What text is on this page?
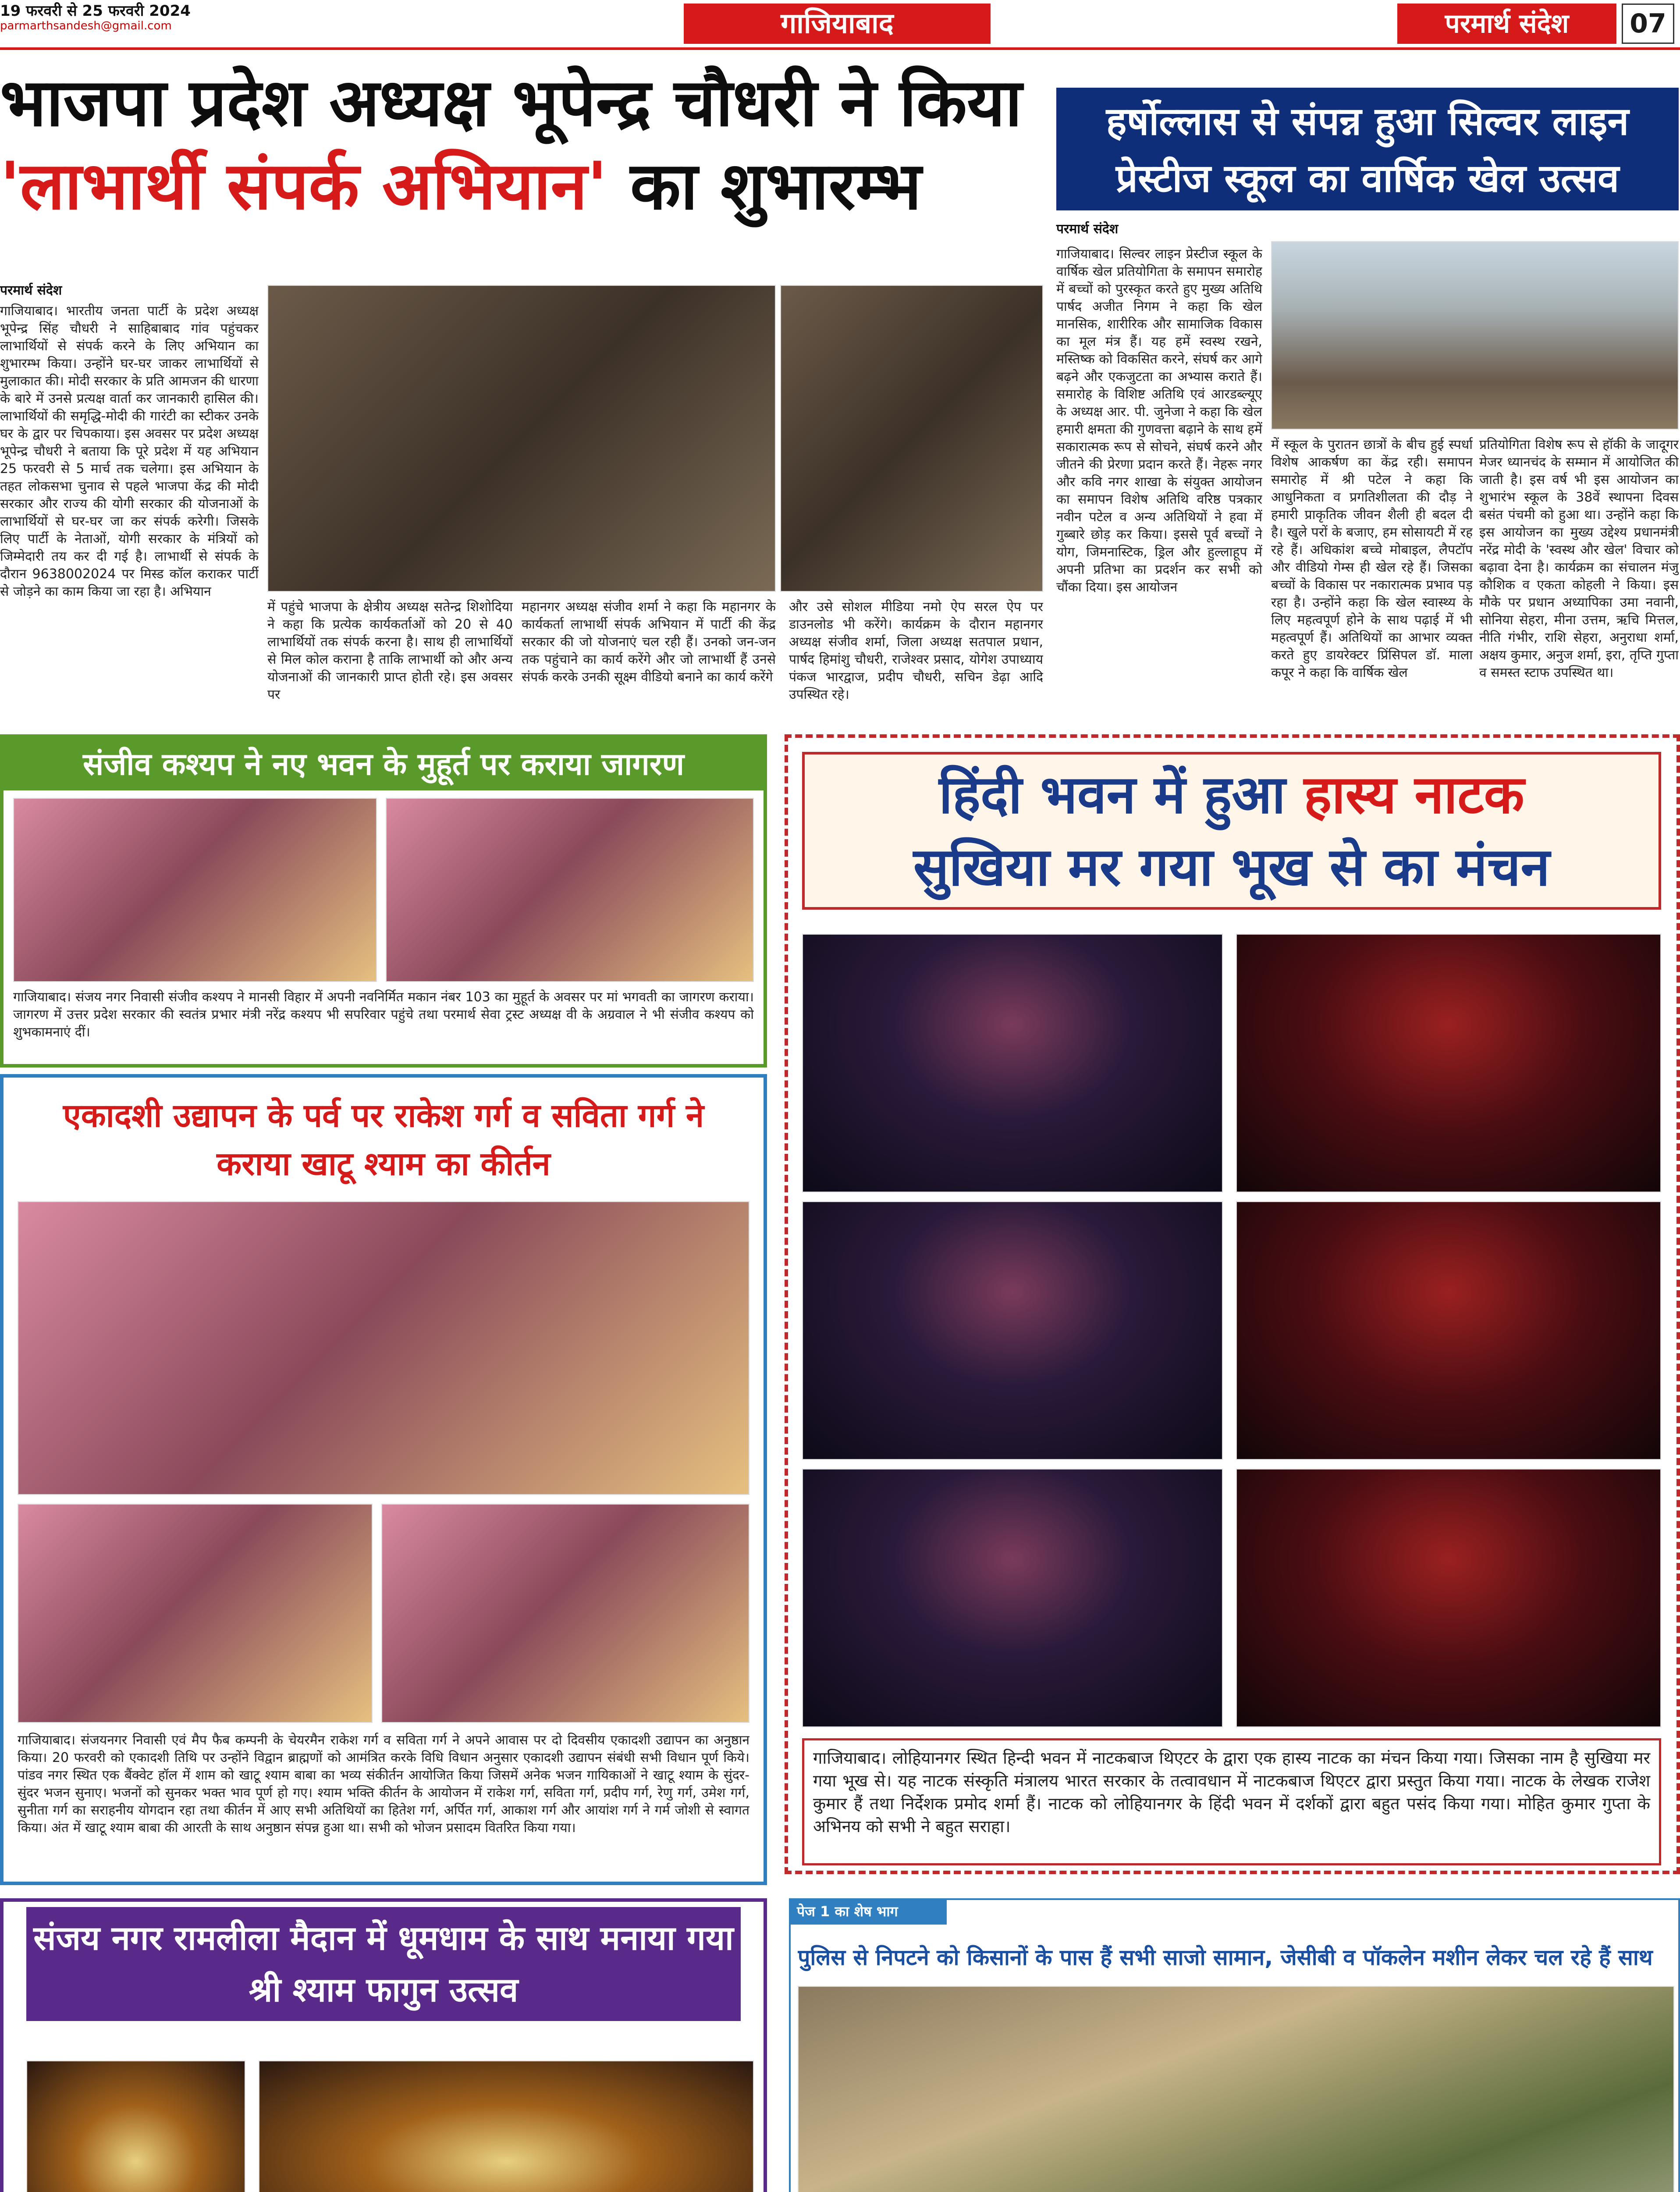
19 फरवरी से 25 फरवरी 2024
parmarthsandesh@gmail.com	गाजियाबाद	परमार्थ संदेश	07
भाजपा प्रदेश अध्यक्ष भूपेन्द्र चौधरी ने किया
'लाभार्थी संपर्क अभियान' का शुभारम्भ
परमार्थ संदेश
गाजियाबाद। भारतीय जनता पार्टी के प्रदेश अध्यक्ष भूपेन्द्र सिंह चौधरी ने साहिबाबाद गांव पहुंचकर लाभार्थियों से संपर्क करने के लिए अभियान का शुभारम्भ किया। उन्होंने घर-घर जाकर लाभार्थियों से मुलाकात की। मोदी सरकार के प्रति आमजन की धारणा के बारे में उनसे प्रत्यक्ष वार्ता कर जानकारी हासिल की। लाभार्थियों की समृद्धि-मोदी की गारंटी का स्टीकर उनके घर के द्वार पर चिपकाया। इस अवसर पर प्रदेश अध्यक्ष भूपेन्द्र चौधरी ने बताया कि पूरे प्रदेश में यह अभियान 25 फरवरी से 5 मार्च तक चलेगा। इस अभियान के तहत लोकसभा चुनाव से पहले भाजपा केंद्र की मोदी सरकार और राज्य की योगी सरकार की योजनाओं के लाभार्थियों से घर-घर जा कर संपर्क करेगी। जिसके लिए पार्टी के नेताओं, योगी सरकार के मंत्रियों को जिम्मेदारी तय कर दी गई है। लाभार्थी से संपर्क के दौरान 9638002024 पर मिस्ड कॉल कराकर पार्टी से जोड़ने का काम किया जा रहा है। अभियान
में पहुंचे भाजपा के क्षेत्रीय अध्यक्ष सतेन्द्र शिशोदिया ने कहा कि प्रत्येक कार्यकर्ताओं को 20 से 40 लाभार्थियों तक संपर्क करना है। साथ ही लाभार्थियों से मिल कोल कराना है ताकि लाभार्थी को और अन्य योजनाओं की जानकारी प्राप्त होती रहे। इस अवसर पर
महानगर अध्यक्ष संजीव शर्मा ने कहा कि महानगर के कार्यकर्ता लाभार्थी संपर्क अभियान में पार्टी की केंद्र सरकार की जो योजनाएं चल रही हैं। उनको जन-जन तक पहुंचाने का कार्य करेंगे और जो लाभार्थी हैं उनसे संपर्क करके उनकी सूक्ष्म वीडियो बनाने का कार्य करेंगे
और उसे सोशल मीडिया नमो ऐप सरल ऐप पर डाउनलोड भी करेंगे। कार्यक्रम के दौरान महानगर अध्यक्ष संजीव शर्मा, जिला अध्यक्ष सतपाल प्रधान, पार्षद हिमांशु चौधरी, राजेश्वर प्रसाद, योगेश उपाध्याय पंकज भारद्वाज, प्रदीप चौधरी, सचिन डेढ़ा आदि उपस्थित रहे।
हर्षोल्लास से संपन्न हुआ सिल्वर लाइन प्रेस्टीज स्कूल का वार्षिक खेल उत्सव
परमार्थ संदेश
गाजियाबाद। सिल्वर लाइन प्रेस्टीज स्कूल के वार्षिक खेल प्रतियोगिता के समापन समारोह में बच्चों को पुरस्कृत करते हुए मुख्य अतिथि पार्षद अजीत निगम ने कहा कि खेल मानसिक, शारीरिक और सामाजिक विकास का मूल मंत्र हैं। यह हमें स्वस्थ रखने, मस्तिष्क को विकसित करने, संघर्ष कर आगे बढ़ने और एकजुटता का अभ्यास कराते हैं। समारोह के विशिष्ट अतिथि एवं आरडब्ल्यूए के अध्यक्ष आर. पी. जुनेजा ने कहा कि खेल हमारी क्षमता की गुणवत्ता बढ़ाने के साथ हमें सकारात्मक रूप से सोचने, संघर्ष करने और जीतने की प्रेरणा प्रदान करते हैं। नेहरू नगर और कवि नगर शाखा के संयुक्त आयोजन का समापन विशेष अतिथि वरिष्ठ पत्रकार नवीन पटेल व अन्य अतिथियों ने हवा में गुब्बारे छोड़ कर किया। इससे पूर्व बच्चों ने योग, जिमनास्टिक, ड्रिल और हुल्लाहूप में अपनी प्रतिभा का प्रदर्शन कर सभी को चौंका दिया। इस आयोजन
में स्कूल के पुरातन छात्रों के बीच हुई स्पर्धा विशेष आकर्षण का केंद्र रही। समापन समारोह में श्री पटेल ने कहा कि आधुनिकता व प्रगतिशीलता की दौड़ ने हमारी प्राकृतिक जीवन शैली ही बदल दी है। खुले परों के बजाए, हम सोसायटी में रह रहे हैं। अधिकांश बच्चे मोबाइल, लैपटॉप और वीडियो गेम्स ही खेल रहे हैं। जिसका बच्चों के विकास पर नकारात्मक प्रभाव पड़ रहा है। उन्होंने कहा कि खेल स्वास्थ्य के लिए महत्वपूर्ण होने के साथ पढ़ाई में भी महत्वपूर्ण हैं। अतिथियों का आभार व्यक्त करते हुए डायरेक्टर प्रिंसिपल डॉ. माला कपूर ने कहा कि वार्षिक खेल
प्रतियोगिता विशेष रूप से हॉकी के जादूगर मेजर ध्यानचंद के सम्मान में आयोजित की जाती है। इस वर्ष भी इस आयोजन का शुभारंभ स्कूल के 38वें स्थापना दिवस बसंत पंचमी को हुआ था। उन्होंने कहा कि इस आयोजन का मुख्य उद्देश्य प्रधानमंत्री नरेंद्र मोदी के 'स्वस्थ और खेल' विचार को बढ़ावा देना है। कार्यक्रम का संचालन मंजु कौशिक व एकता कोहली ने किया। इस मौके पर प्रधान अध्यापिका उमा नवानी, सोनिया सेहरा, मीना उत्तम, ऋचि मित्तल, नीति गंभीर, राशि सेहरा, अनुराधा शर्मा, अक्षय कुमार, अनुज शर्मा, इरा, तृप्ति गुप्ता व समस्त स्टाफ उपस्थित था।
संजीव कश्यप ने नए भवन के मुहूर्त पर कराया जागरण
गाजियाबाद। संजय नगर निवासी संजीव कश्यप ने मानसी विहार में अपनी नवनिर्मित मकान नंबर 103 का मुहूर्त के अवसर पर मां भगवती का जागरण कराया। जागरण में उत्तर प्रदेश सरकार की स्वतंत्र प्रभार मंत्री नरेंद्र कश्यप भी सपरिवार पहुंचे तथा परमार्थ सेवा ट्रस्ट अध्यक्ष वी के अग्रवाल ने भी संजीव कश्यप को शुभकामनाएं दीं।
एकादशी उद्यापन के पर्व पर राकेश गर्ग व सविता गर्ग ने कराया खाटू श्याम का कीर्तन
गाजियाबाद। संजयनगर निवासी एवं मैप फैब कम्पनी के चेयरमैन राकेश गर्ग व सविता गर्ग ने अपने आवास पर दो दिवसीय एकादशी उद्यापन का अनुष्ठान किया। 20 फरवरी को एकादशी तिथि पर उन्होंने विद्वान ब्राह्मणों को आमंत्रित करके विधि विधान अनुसार एकादशी उद्यापन संबंधी सभी विधान पूर्ण किये। पांडव नगर स्थित एक बैंक्वेट हॉल में शाम को खाटू श्याम बाबा का भव्य संकीर्तन आयोजित किया जिसमें अनेक भजन गायिकाओं ने खाटू श्याम के सुंदर-सुंदर भजन सुनाए। भजनों को सुनकर भक्त भाव पूर्ण हो गए। श्याम भक्ति कीर्तन के आयोजन में राकेश गर्ग, सविता गर्ग, प्रदीप गर्ग, रेणु गर्ग, उमेश गर्ग, सुनीता गर्ग का सराहनीय योगदान रहा तथा कीर्तन में आए सभी अतिथियों का हितेश गर्ग, अर्पित गर्ग, आकाश गर्ग और आयांश गर्ग ने गर्म जोशी से स्वागत किया। अंत में खाटू श्याम बाबा की आरती के साथ अनुष्ठान संपन्न हुआ था। सभी को भोजन प्रसादम वितरित किया गया।
हिंदी भवन में हुआ हास्य नाटक
सुखिया मर गया भूख से का मंचन
गाजियाबाद। लोहियानगर स्थित हिन्दी भवन में नाटकबाज थिएटर के द्वारा एक हास्य नाटक का मंचन किया गया। जिसका नाम है सुखिया मर गया भूख से। यह नाटक संस्कृति मंत्रालय भारत सरकार के तत्वावधान में नाटकबाज थिएटर द्वारा प्रस्तुत किया गया। नाटक के लेखक राजेश कुमार हैं तथा निर्देशक प्रमोद शर्मा हैं। नाटक को लोहियानगर के हिंदी भवन में दर्शकों द्वारा बहुत पसंद किया गया। मोहित कुमार गुप्ता के अभिनय को सभी ने बहुत सराहा।
संजय नगर रामलीला मैदान में धूमधाम के साथ मनाया गया श्री श्याम फागुन उत्सव
पेज 1 का शेष भाग
पुलिस से निपटने को किसानों के पास हैं सभी साजो सामान, जेसीबी व पॉकलेन मशीन लेकर चल रहे हैं साथ
